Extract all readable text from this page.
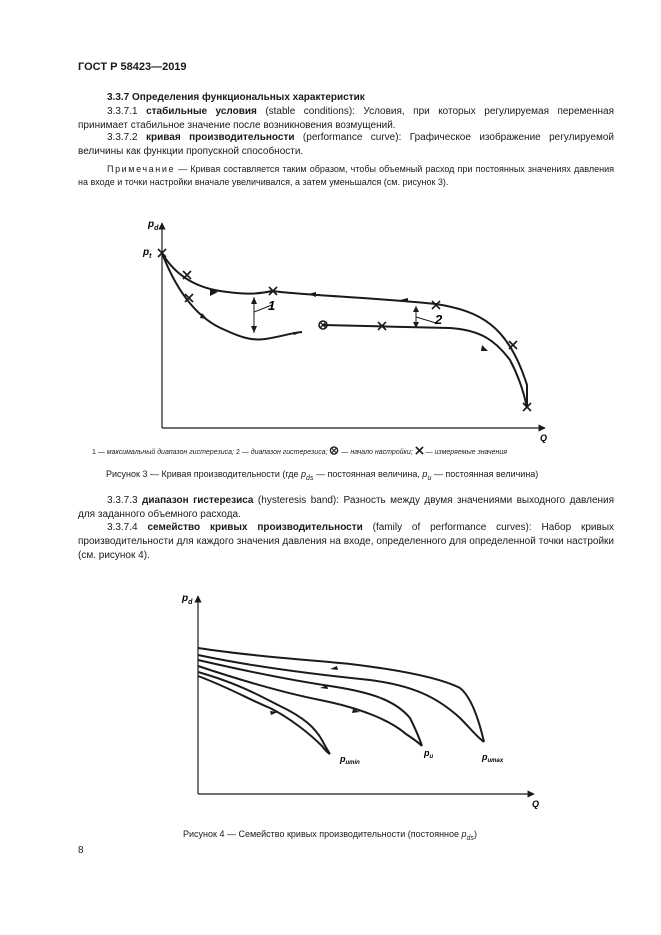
ГОСТ Р 58423—2019
3.3.7 Определения функциональных характеристик
3.3.7.1 стабильные условия (stable conditions): Условия, при которых регулируемая переменная принимает стабильное значение после возникновения возмущений.
3.3.7.2 кривая производительности (performance curve): Графическое изображение регулируемой величины как функции пропускной способности.
Примечание — Кривая составляется таким образом, чтобы объемный расход при постоянных значениях давления на входе и точки настройки вначале увеличивался, а затем уменьшался (см. рисунок 3).
$p_d$
$p_t$
Q
1
2
1 — максимальный диапазон гистерезиса; 2 — диапазон гистерезиса;  — начало настройки;  — измеряемые значения
Рисунок 3 — Кривая производительности (где $p_{ds}$ — постоянная величина, $p_u$ — постоянная величина)
3.3.7.3 диапазон гистерезиса (hysteresis band): Разность между двумя значениями выходного давления для заданного объемного расхода.
3.3.7.4 семейство кривых производительности (family of performance curves): Набор кривых производительности для каждого значения давления на входе, определенного для определенной точки настройки (см. рисунок 4).
$p_d$
Q
$p_{umin}$
$p_u$	$p_{umax}$
Рисунок 4 — Семейство кривых производительности (постоянное $p_{ds}$)
8
